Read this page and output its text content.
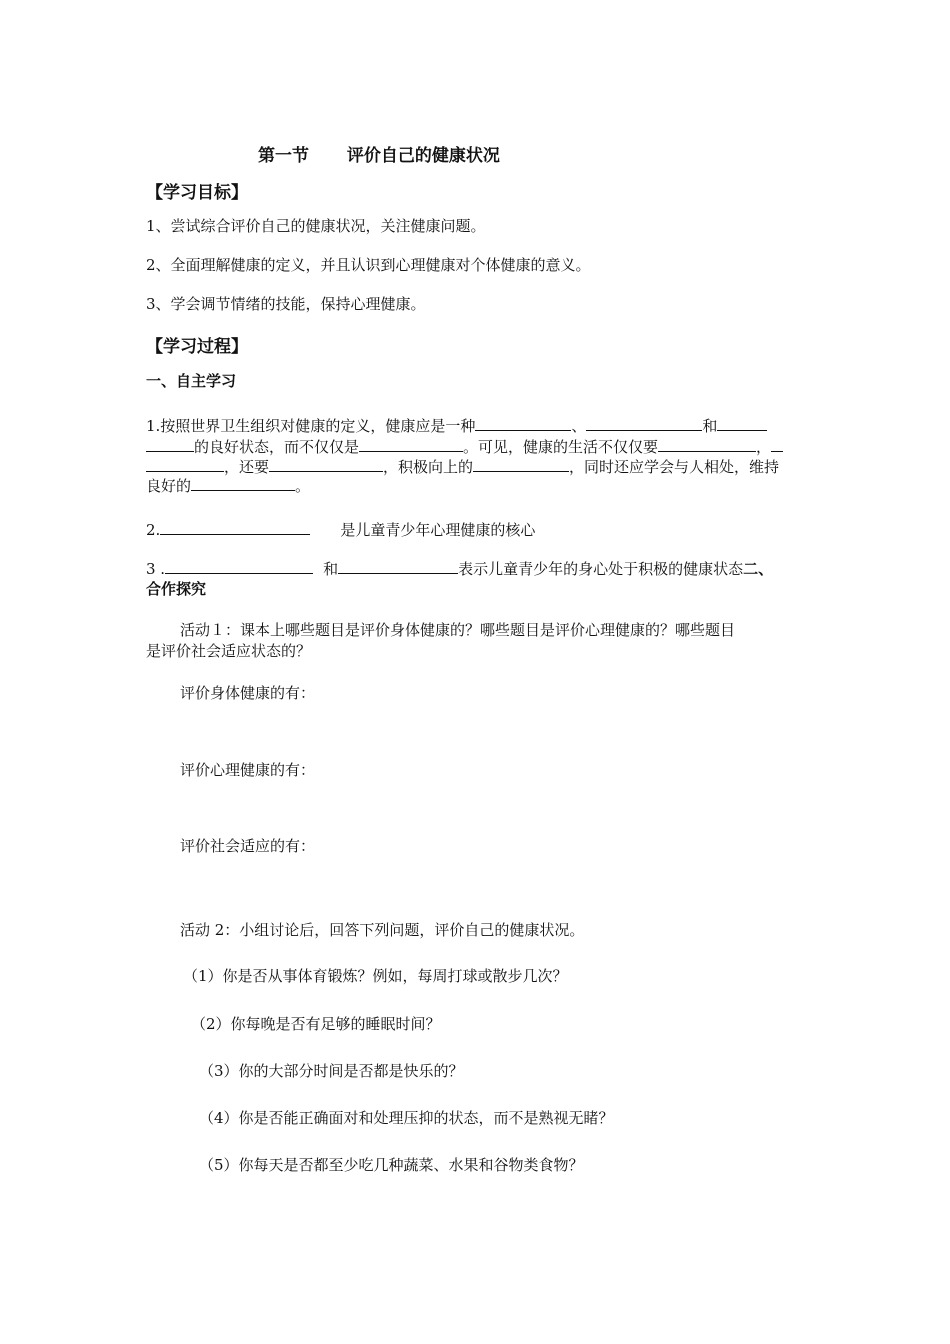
第一节 评价自己的健康状况
【学习目标】
1、尝试综合评价自己的健康状况，关注健康问题。
2、全面理解健康的定义，并且认识到心理健康对个体健康的意义。
3、学会调节情绪的技能，保持心理健康。
【学习过程】
一、自主学习
1.按照世界卫生组织对健康的定义，健康应是一种	、	和
的良好状态，而不仅仅是	。可见，健康的生活不仅仅要	，
，还要	，积极向上的	，同时还应学会与人相处，维持
良好的	。
2.	是儿童青少年心理健康的核心
3 .	和	表示儿童青少年的身心处于积极的健康状态二、
合作探究
活动１：课本上哪些题目是评价身体健康的？哪些题目是评价心理健康的？哪些题目
是评价社会适应状态的？
评价身体健康的有：
评价心理健康的有：
评价社会适应的有：
活动 2：小组讨论后，回答下列问题，评价自己的健康状况。
（1）你是否从事体育锻炼？例如，每周打球或散步几次？
（2）你每晚是否有足够的睡眠时间？
（3）你的大部分时间是否都是快乐的？
（4）你是否能正确面对和处理压抑的状态，而不是熟视无睹？
（5）你每天是否都至少吃几种蔬菜、水果和谷物类食物？
